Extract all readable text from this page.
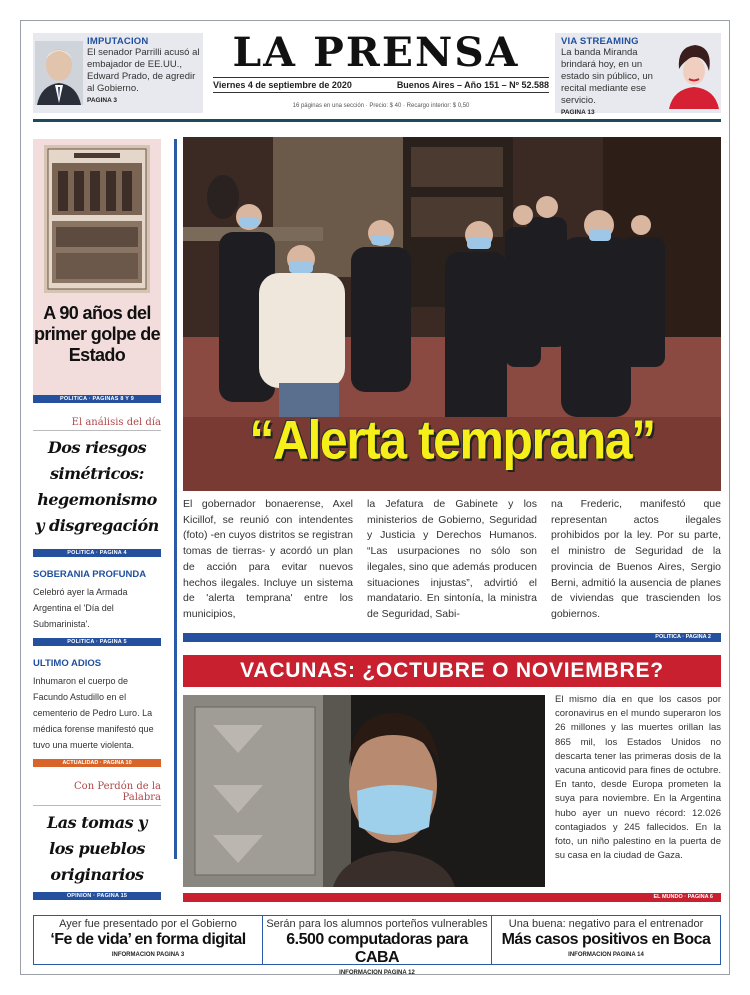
IMPUTACION

El senador Parrilli acusó al embajador de EE.UU., Edward Prado, de agredir al Gobierno.

PAGINA 3
LA PRENSA
Viernes 4 de septiembre de 2020	Buenos Aires – Año 151 – Nº 52.588
16 páginas en una sección · Precio: $ 40 · Recargo interior: $ 0,50
VIA STREAMING

La banda Miranda brindará hoy, en un estado sin público, un recital mediante ese servicio.

PAGINA 13
A 90 años del primer golpe de Estado
POLITICA · PAGINAS 8 Y 9
El análisis del día
Dos riesgos simétricos: hegemonismo y disgregación
POLITICA · PAGINA 4
SOBERANIA PROFUNDA
Celebró ayer la Armada Argentina el 'Día del Submarinista'.
POLITICA · PAGINA 5
ULTIMO ADIOS
Inhumaron el cuerpo de Facundo Astudillo en el cementerio de Pedro Luro. La médica forense manifestó que tuvo una muerte violenta.
ACTUALIDAD · PAGINA 10
Con Perdón de la Palabra
Las tomas y los pueblos originarios
OPINION · PAGINA 15
“Alerta temprana”

El gobernador bonaerense, Axel Kicillof, se reunió con intendentes (foto) -en cuyos distritos se registran tomas de tierras- y acordó un plan de acción para evitar nuevos hechos ilegales. Incluye un sistema de 'alerta temprana' entre los municipios,

la Jefatura de Gabinete y los ministerios de Gobierno, Seguridad y Justicia y Derechos Humanos. “Las usurpaciones no sólo son ilegales, sino que además producen situaciones injustas”, advirtió el mandatario. En sintonía, la ministra de Seguridad, Sabi-

na Frederic, manifestó que representan actos ilegales prohibidos por la ley. Por su parte, el ministro de Seguridad de la provincia de Buenos Aires, Sergio Berni, admitió la ausencia de planes de viviendas que trascienden los gobiernos.

POLITICA · PAGINA 2
VACUNAS: ¿OCTUBRE O NOVIEMBRE?
El mismo día en que los casos por coronavirus en el mundo superaron los 26 millones y las muertes orillan las 865 mil, los Estados Unidos no descarta tener las primeras dosis de la vacuna anticovid para fines de octubre. En tanto, desde Europa prometen la suya para noviembre. En la Argentina hubo ayer un nuevo récord: 12.026 contagiados y 245 fallecidos. En la foto, un niño palestino en la puerta de su casa en la ciudad de Gaza.
EL MUNDO · PAGINA 6
Ayer fue presentado por el Gobierno
‘Fe de vida’ en forma digital
INFORMACION PAGINA 3
Serán para los alumnos porteños vulnerables
6.500 computadoras para CABA
INFORMACION PAGINA 12
Una buena: negativo para el entrenador
Más casos positivos en Boca
INFORMACION PAGINA 14
